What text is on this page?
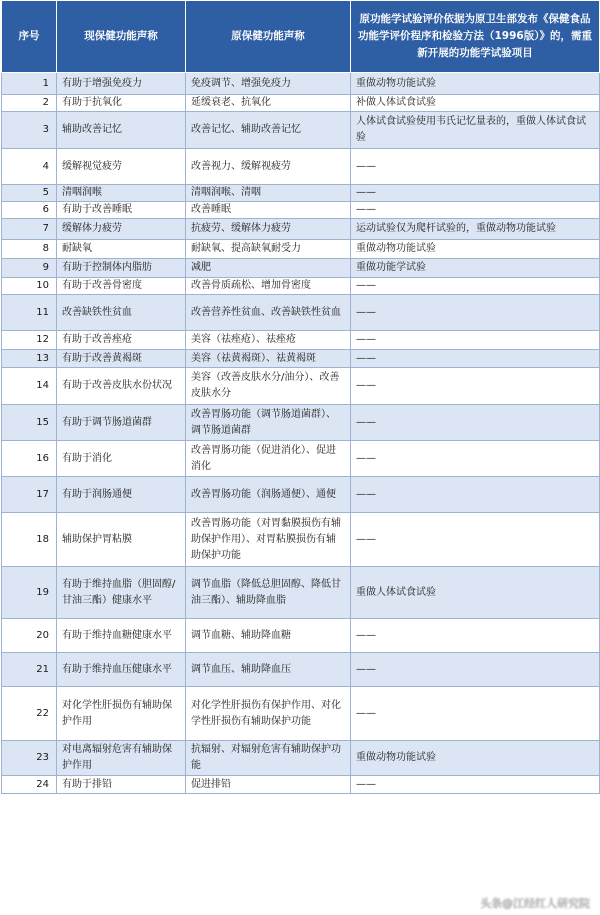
序号	现保健功能声称	原保健功能声称	原功能学试验评价依据为原卫生部发布《保健食品功能学评价程序和检验方法（1996版）》的，需重新开展的功能学试验项目
1	有助于增强免疫力	免疫调节、增强免疫力	重做动物功能试验
2	有助于抗氧化	延缓衰老、抗氧化	补做人体试食试验
3	辅助改善记忆	改善记忆、辅助改善记忆	人体试食试验使用韦氏记忆量表的，重做人体试食试验
4	缓解视觉疲劳	改善视力、缓解视疲劳	——
5	清咽润喉	清咽润喉、清咽	——
6	有助于改善睡眠	改善睡眠	——
7	缓解体力疲劳	抗疲劳、缓解体力疲劳	运动试验仅为爬杆试验的，重做动物功能试验
8	耐缺氧	耐缺氧、提高缺氧耐受力	重做动物功能试验
9	有助于控制体内脂肪	减肥	重做功能学试验
10	有助于改善骨密度	改善骨质疏松、增加骨密度	——
11	改善缺铁性贫血	改善营养性贫血、改善缺铁性贫血	——
12	有助于改善痤疮	美容（祛痤疮）、祛痤疮	——
13	有助于改善黄褐斑	美容（祛黄褐斑）、祛黄褐斑	——
14	有助于改善皮肤水份状况	美容（改善皮肤水分/油分）、改善皮肤水分	——
15	有助于调节肠道菌群	改善胃肠功能（调节肠道菌群）、调节肠道菌群	——
16	有助于消化	改善胃肠功能（促进消化）、促进消化	——
17	有助于润肠通便	改善胃肠功能（润肠通便）、通便	——
18	辅助保护胃粘膜	改善胃肠功能（对胃黏膜损伤有辅助保护作用）、对胃粘膜损伤有辅助保护功能	——
19	有助于维持血脂（胆固醇/甘油三酯）健康水平	调节血脂（降低总胆固醇、降低甘油三酯）、辅助降血脂	重做人体试食试验
20	有助于维持血糖健康水平	调节血糖、辅助降血糖	——
21	有助于维持血压健康水平	调节血压、辅助降血压	——
22	对化学性肝损伤有辅助保护作用	对化学性肝损伤有保护作用、对化学性肝损伤有辅助保护功能	——
23	对电离辐射危害有辅助保护作用	抗辐射、对辐射危害有辅助保护功能	重做动物功能试验
24	有助于排铅	促进排铅	——
头条@江经红人研究院
